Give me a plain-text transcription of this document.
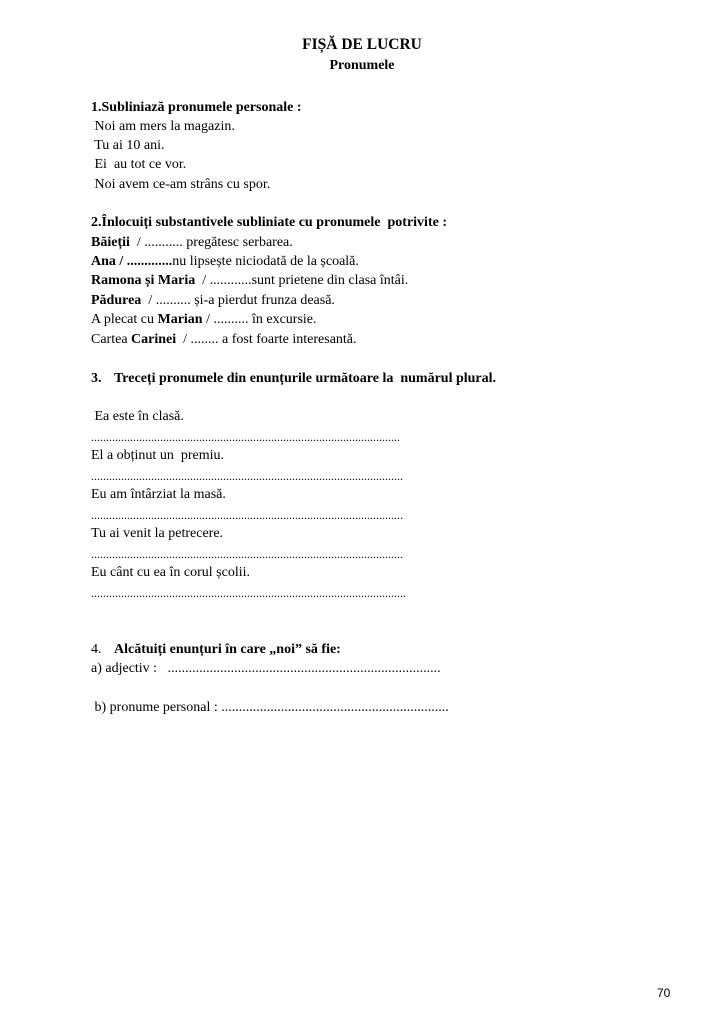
FIȘĂ DE LUCRU
Pronumele
1.Subliniază pronumele personale :
Noi am mers la magazin.
Tu ai 10 ani.
Ei  au tot ce vor.
Noi avem ce-am strâns cu spor.
2.Înlocuiți substantivele subliniate cu pronumele  potrivite :
Băieții  / ........... pregătesc serbarea.
Ana / .............nu lipsește niciodată de la școală.
Ramona și Maria  / ............sunt prietene din clasa întâi.
Pădurea  / .......... și-a pierdut frunza deasă.
A plecat cu Marian / .......... în excursie.
Cartea Carinei  / ........ a fost foarte interesantă.
3. Treceți pronumele din enunțurile următoare la  numărul plural.
Ea este în clasă.
.......................................................................................................
El a obținut un  premiu.
........................................................................................................
Eu am întârziat la masă.
........................................................................................................
Tu ai venit la petrecere.
........................................................................................................
Eu cânt cu ea în corul școlii.
.........................................................................................................
4. Alcătuiți enunțuri în care „noi” să fie:
a) adjectiv :   ..............................................................................
b) pronume personal : .................................................................
70
